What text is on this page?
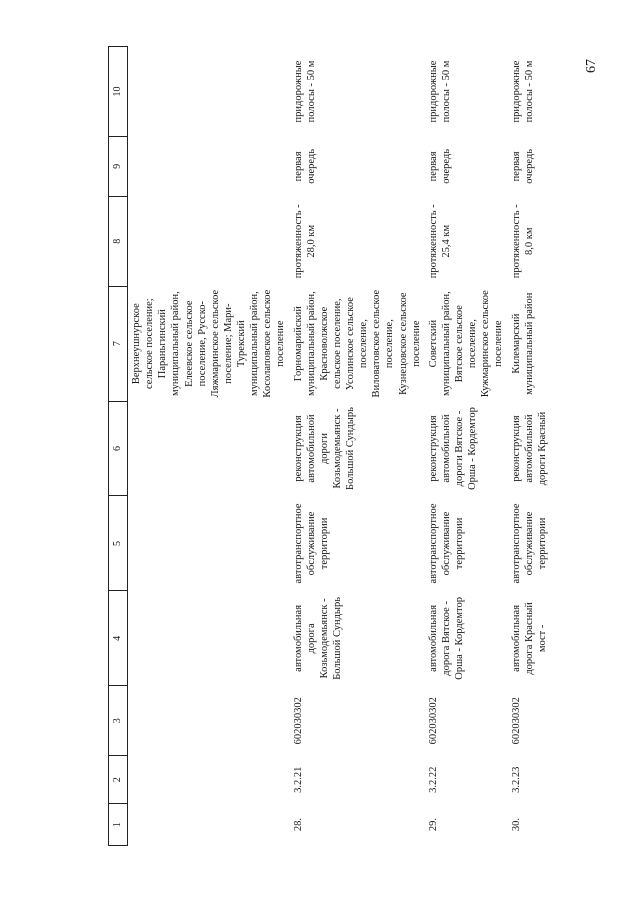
67
1	2	3	4	5	6	7	8	9	10
						Верхнеушнурское сельское поселение; Параньгинский муниципальный район, Елеевское сельское поселение, Русско-Ляжмаринское сельское поселение; Мари-Турекский муниципальный район, Косолаповское сельское поселение			
28.	3.2.21	602030302	автомобильная дорога Козьмодемьянск - Большой Сундырь	автотранспортное обслуживание территории	реконструкция автомобильной дороги Козьмодемьянск - Большой Сундырь	Горномарийский муниципальный район, Красноволжское сельское поселение, Усолинское сельское поселение, Виловатовское сельское поселение, Кузнецовское сельское поселение	протяженность - 28,0 км	первая очередь	придорожные полосы - 50 м
29.	3.2.22	602030302	автомобильная дорога Вятское - Орша - Кордемтор	автотранспортное обслуживание территории	реконструкция автомобильной дороги Вятское - Орша - Кордемтор	Советский муниципальный район, Вятское сельское поселение, Кужмаринское сельское поселение	протяженность - 25,4 км	первая очередь	придорожные полосы - 50 м
30.	3.2.23	602030302	автомобильная дорога Красный мост -	автотранспортное обслуживание территории	реконструкция автомобильной дороги Красный	Килемарский муниципальный район	протяженность - 8,0 км	первая очередь	придорожные полосы - 50 м
